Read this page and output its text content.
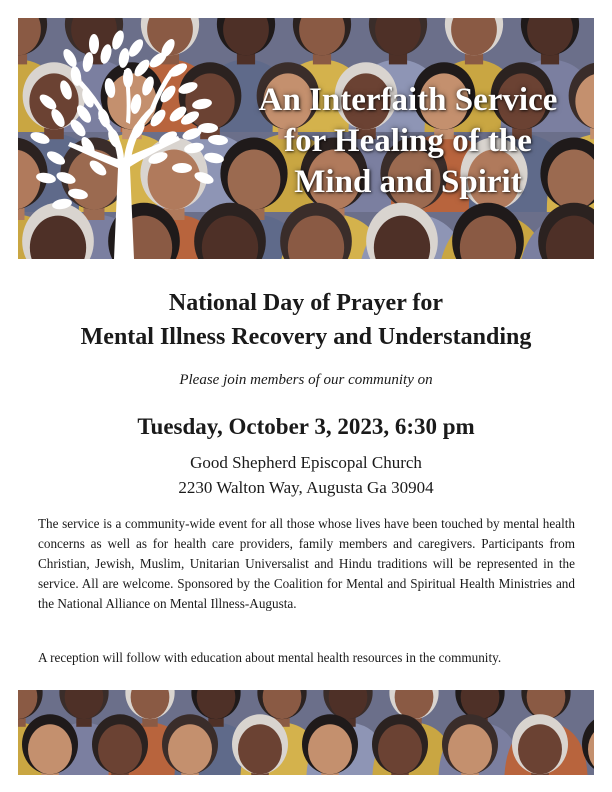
An Interfaith Service
for Healing of the
Mind and Spirit
National Day of Prayer for
Mental Illness Recovery and Understanding
Please join members of our community on
Tuesday, October 3, 2023, 6:30 pm
Good Shepherd Episcopal Church
2230 Walton Way, Augusta Ga 30904
The service is a community-wide event for all those whose lives have been touched by mental health concerns as well as for health care providers, family members and caregivers. Participants from Christian, Jewish, Muslim, Unitarian Universalist and Hindu traditions will be represented in the service. All are welcome. Sponsored by the Coalition for Mental and Spiritual Health Ministries and the National Alliance on Mental Illness-Augusta.
A reception will follow with education about mental health resources in the community.
